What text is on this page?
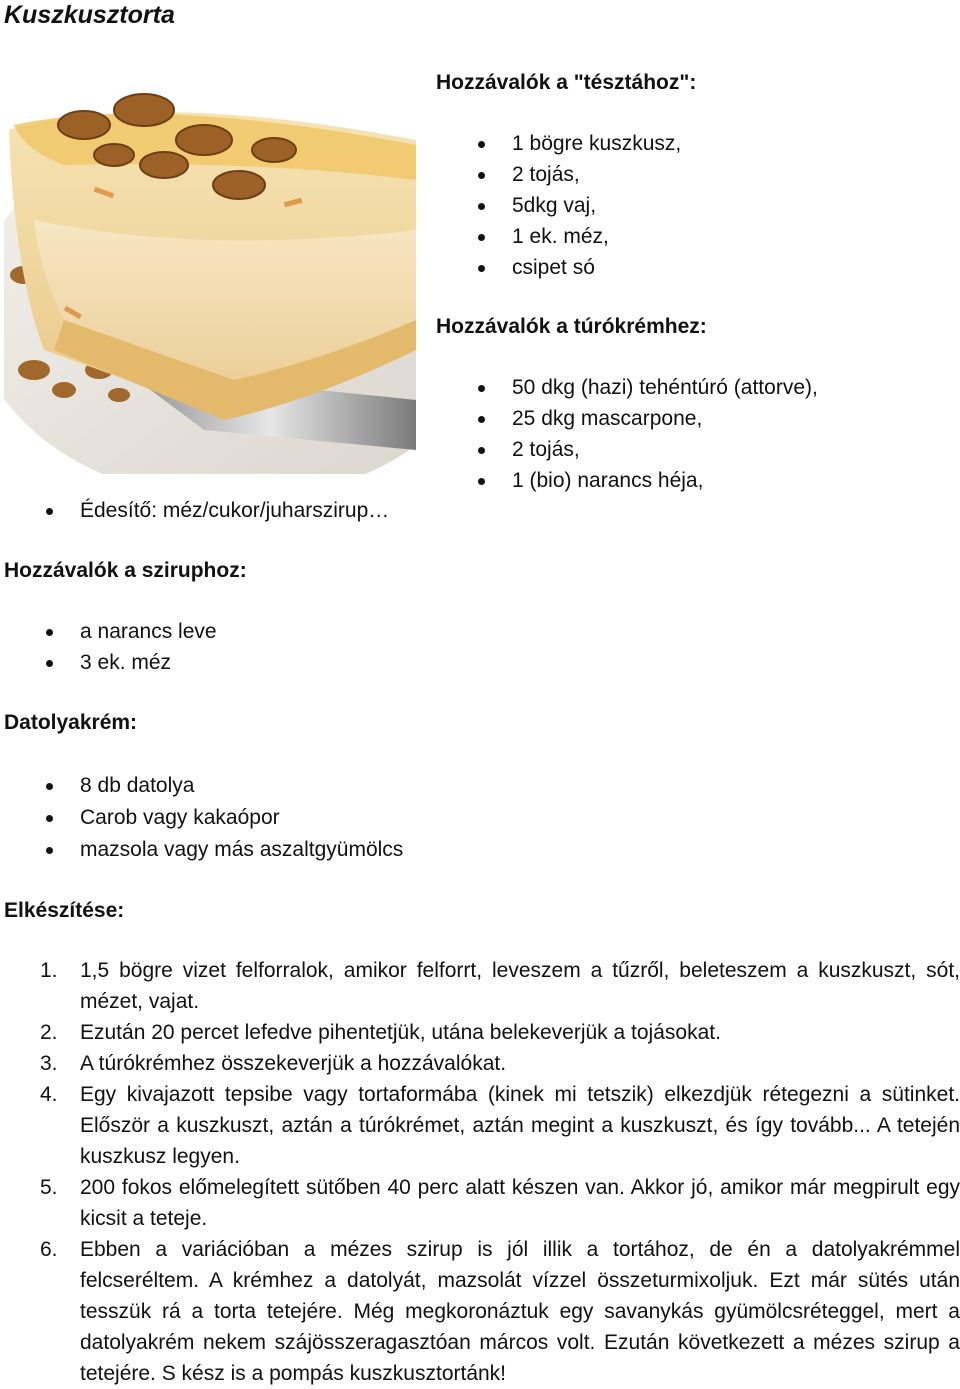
Kuszkusztorta
Hozzávalók a "tésztához":
1 bögre kuszkusz,
2 tojás,
5dkg vaj,
1 ek. méz,
csipet só
Hozzávalók a túrókrémhez:
50 dkg (hazi) tehéntúró (attorve),
25 dkg mascarpone,
2 tojás,
1 (bio) narancs héja,
Édesítő: méz/cukor/juharszirup…
Hozzávalók a sziruphoz:
a narancs leve
3 ek. méz
Datolyakrém:
8 db datolya
Carob vagy kakaópor
mazsola vagy más aszaltgyümölcs
Elkészítése:
1. 1,5 bögre vizet felforralok, amikor felforrt, leveszem a tűzről, beleteszem a kuszkuszt, sót, mézet, vajat.
2. Ezután 20 percet lefedve pihentetjük, utána belekeverjük a tojásokat.
3. A túrókrémhez összekeverjük a hozzávalókat.
4. Egy kivajazott tepsibe vagy tortaformába (kinek mi tetszik) elkezdjük rétegezni a sütinket. Először a kuszkuszt, aztán a túrókrémet, aztán megint a kuszkuszt, és így tovább... A tetején kuszkusz legyen.
5. 200 fokos előmelegített sütőben 40 perc alatt készen van. Akkor jó, amikor már megpirult egy kicsit a teteje.
6. Ebben a variációban a mézes szirup is jól illik a tortához, de én a datolyakrémmel felcseréltem. A krémhez a datolyát, mazsolát vízzel összeturmixoljuk. Ezt már sütés után tesszük rá a torta tetejére. Még megkoronáztuk egy savanykás gyümölcsréteggel, mert a datolyakrém nekem szájösszeragasztóan márcos volt. Ezután következett a mézes szirup a tetejére. S kész is a pompás kuszkusztortánk!
